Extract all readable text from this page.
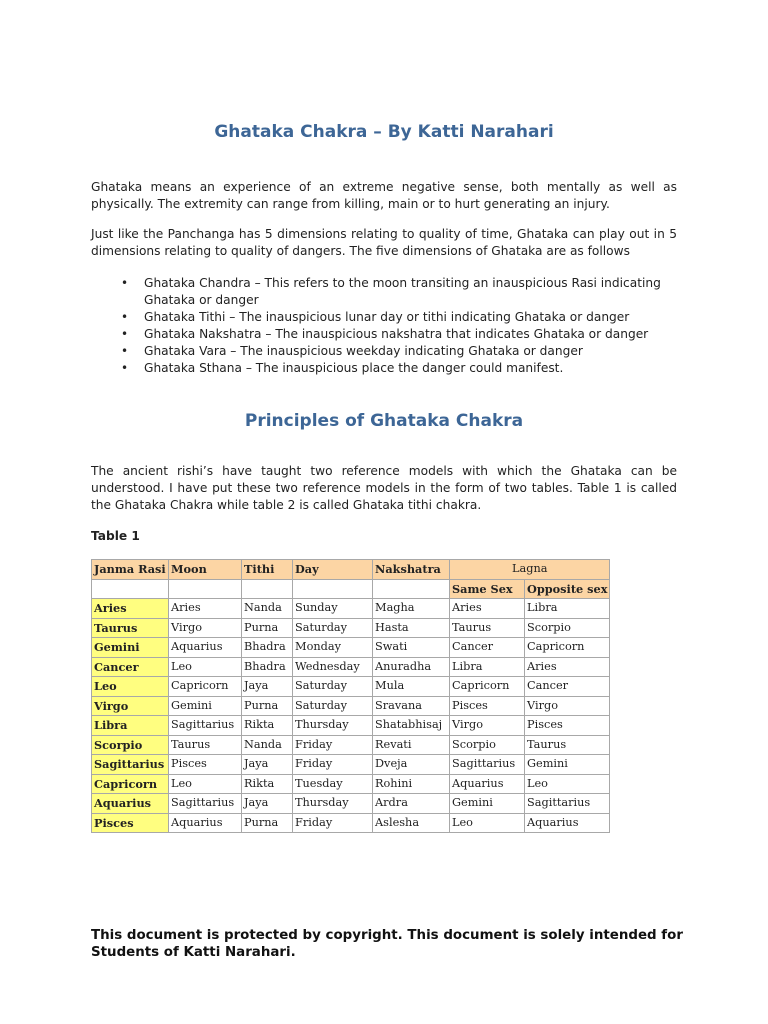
Ghataka Chakra – By Katti Narahari

Ghataka means an experience of an extreme negative sense, both mentally as well as physically. The extremity can range from killing, main or to hurt generating an injury.

Just like the Panchanga has 5 dimensions relating to quality of time, Ghataka can play out in 5 dimensions relating to quality of dangers. The five dimensions of Ghataka are as follows

• Ghataka Chandra – This refers to the moon transiting an inauspicious Rasi indicating Ghataka or danger
• Ghataka Tithi – The inauspicious lunar day or tithi indicating Ghataka or danger
• Ghataka Nakshatra – The inauspicious nakshatra that indicates Ghataka or danger
• Ghataka Vara – The inauspicious weekday indicating Ghataka or danger
• Ghataka Sthana – The inauspicious place the danger could manifest.
Principles of Ghataka Chakra

The ancient rishi’s have taught two reference models with which the Ghataka can be understood. I have put these two reference models in the form of two tables. Table 1 is called the Ghataka Chakra while table 2 is called Ghataka tithi chakra.

Table 1

Janma Rasi	Moon	Tithi	Day	Nakshatra	Lagna	
					Same Sex	Opposite sex
Aries	Aries	Nanda	Sunday	Magha	Aries	Libra
Taurus	Virgo	Purna	Saturday	Hasta	Taurus	Scorpio
Gemini	Aquarius	Bhadra	Monday	Swati	Cancer	Capricorn
Cancer	Leo	Bhadra	Wednesday	Anuradha	Libra	Aries
Leo	Capricorn	Jaya	Saturday	Mula	Capricorn	Cancer
Virgo	Gemini	Purna	Saturday	Sravana	Pisces	Virgo
Libra	Sagittarius	Rikta	Thursday	Shatabhisaj	Virgo	Pisces
Scorpio	Taurus	Nanda	Friday	Revati	Scorpio	Taurus
Sagittarius	Pisces	Jaya	Friday	Dveja	Sagittarius	Gemini
Capricorn	Leo	Rikta	Tuesday	Rohini	Aquarius	Leo
Aquarius	Sagittarius	Jaya	Thursday	Ardra	Gemini	Sagittarius
Pisces	Aquarius	Purna	Friday	Aslesha	Leo	Aquarius

This document is protected by copyright. This document is solely intended for Students of Katti Narahari.
